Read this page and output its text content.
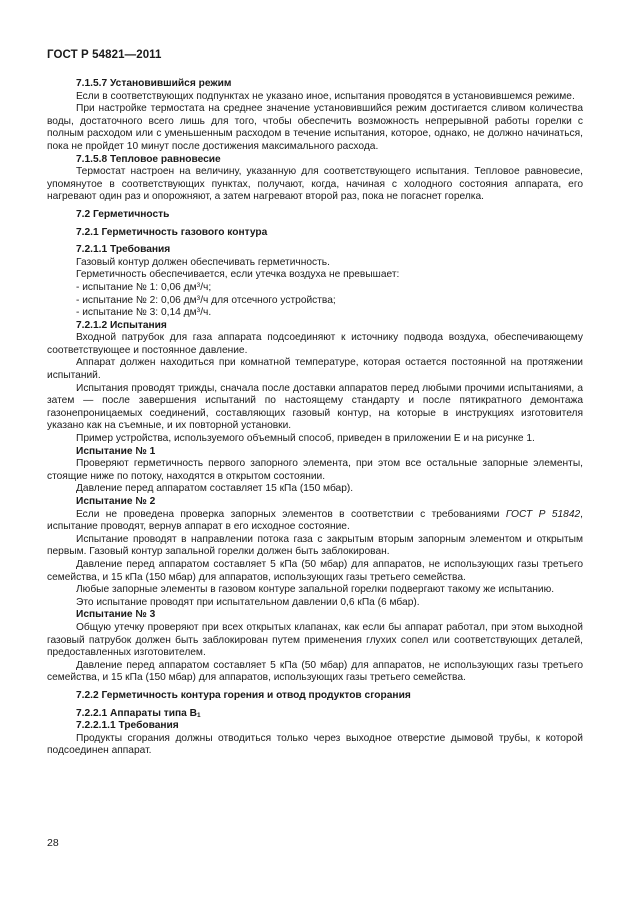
ГОСТ Р 54821—2011

7.1.5.7 Установившийся режим

Если в соответствующих подпунктах не указано иное, испытания проводятся в установившемся режиме.

При настройке термостата на среднее значение установившийся режим достигается сливом количества воды, достаточного всего лишь для того, чтобы обеспечить возможность непрерывной работы горелки с полным расходом или с уменьшенным расходом в течение испытания, которое, однако, не должно начинаться, пока не пройдет 10 минут после достижения максимального расхода.

7.1.5.8 Тепловое равновесие

Термостат настроен на величину, указанную для соответствующего испытания. Тепловое равновесие, упомянутое в соответствующих пунктах, получают, когда, начиная с холодного состояния аппарата, его нагревают один раз и опорожняют, а затем нагревают второй раз, пока не погаснет горелка.

7.2 Герметичность

7.2.1 Герметичность газового контура

7.2.1.1 Требования

Газовый контур должен обеспечивать герметичность.

Герметичность обеспечивается, если утечка воздуха не превышает:

- испытание № 1: 0,06 $дм^3/ч$;

- испытание № 2: 0,06 $дм^3/ч$ для отсечного устройства;

- испытание № 3: 0,14 $дм^3/ч$.

7.2.1.2 Испытания

Входной патрубок для газа аппарата подсоединяют к источнику подвода воздуха, обеспечивающему соответствующее и постоянное давление.

Аппарат должен находиться при комнатной температуре, которая остается постоянной на протяжении испытаний.

Испытания проводят трижды, сначала после доставки аппаратов перед любыми прочими испытаниями, а затем — после завершения испытаний по настоящему стандарту и после пятикратного демонтажа газонепроницаемых соединений, составляющих газовый контур, на которые в инструкциях изготовителя указано как на съемные, и их повторной установки.

Пример устройства, используемого объемный способ, приведен в приложении Е и на рисунке 1.

Испытание № 1

Проверяют герметичность первого запорного элемента, при этом все остальные запорные элементы, стоящие ниже по потоку, находятся в открытом состоянии.

Давление перед аппаратом составляет 15 кПа (150 мбар).

Испытание № 2

Если не проведена проверка запорных элементов в соответствии с требованиями ГОСТ Р 51842, испытание проводят, вернув аппарат в его исходное состояние.

Испытание проводят в направлении потока газа с закрытым вторым запорным элементом и открытым первым. Газовый контур запальной горелки должен быть заблокирован.

Давление перед аппаратом составляет 5 кПа (50 мбар) для аппаратов, не использующих газы третьего семейства, и 15 кПа (150 мбар) для аппаратов, использующих газы третьего семейства.

Любые запорные элементы в газовом контуре запальной горелки подвергают такому же испытанию.

Это испытание проводят при испытательном давлении 0,6 кПа (6 мбар).

Испытание № 3

Общую утечку проверяют при всех открытых клапанах, как если бы аппарат работал, при этом выходной газовый патрубок должен быть заблокирован путем применения глухих сопел или соответствующих деталей, предоставленных изготовителем.

Давление перед аппаратом составляет 5 кПа (50 мбар) для аппаратов, не использующих газы третьего семейства, и 15 кПа (150 мбар) для аппаратов, использующих газы третьего семейства.

7.2.2 Герметичность контура горения и отвод продуктов сгорания

7.2.2.1 Аппараты типа $B_1$

7.2.2.1.1 Требования

Продукты сгорания должны отводиться только через выходное отверстие дымовой трубы, к которой подсоединен аппарат.

28
